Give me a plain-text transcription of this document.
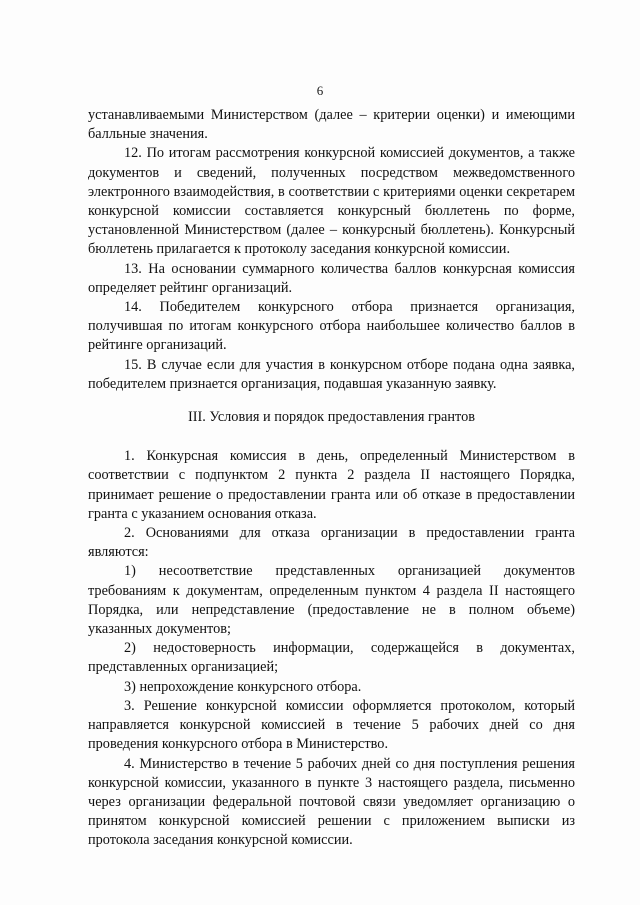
6

устанавливаемыми Министерством (далее – критерии оценки) и имеющими балльные значения.

12. По итогам рассмотрения конкурсной комиссией документов, а также документов и сведений, полученных посредством межведомственного электронного взаимодействия, в соответствии с критериями оценки секретарем конкурсной комиссии составляется конкурсный бюллетень по форме, установленной Министерством (далее – конкурсный бюллетень). Конкурсный бюллетень прилагается к протоколу заседания конкурсной комиссии.

13. На основании суммарного количества баллов конкурсная комиссия определяет рейтинг организаций.

14. Победителем конкурсного отбора признается организация, получившая по итогам конкурсного отбора наибольшее количество баллов в рейтинге организаций.

15. В случае если для участия в конкурсном отборе подана одна заявка, победителем признается организация, подавшая указанную заявку.

III. Условия и порядок предоставления грантов

1. Конкурсная комиссия в день, определенный Министерством в соответствии с подпунктом 2 пункта 2 раздела II настоящего Порядка, принимает решение о предоставлении гранта или об отказе в предоставлении гранта с указанием основания отказа.

2. Основаниями для отказа организации в предоставлении гранта являются:

1) несоответствие представленных организацией документов требованиям к документам, определенным пунктом 4 раздела II настоящего Порядка, или непредставление (предоставление не в полном объеме) указанных документов;

2) недостоверность информации, содержащейся в документах, представленных организацией;

3) непрохождение конкурсного отбора.

3. Решение конкурсной комиссии оформляется протоколом, который направляется конкурсной комиссией в течение 5 рабочих дней со дня проведения конкурсного отбора в Министерство.

4. Министерство в течение 5 рабочих дней со дня поступления решения конкурсной комиссии, указанного в пункте 3 настоящего раздела, письменно через организации федеральной почтовой связи уведомляет организацию о принятом конкурсной комиссией решении с приложением выписки из протокола заседания конкурсной комиссии.
